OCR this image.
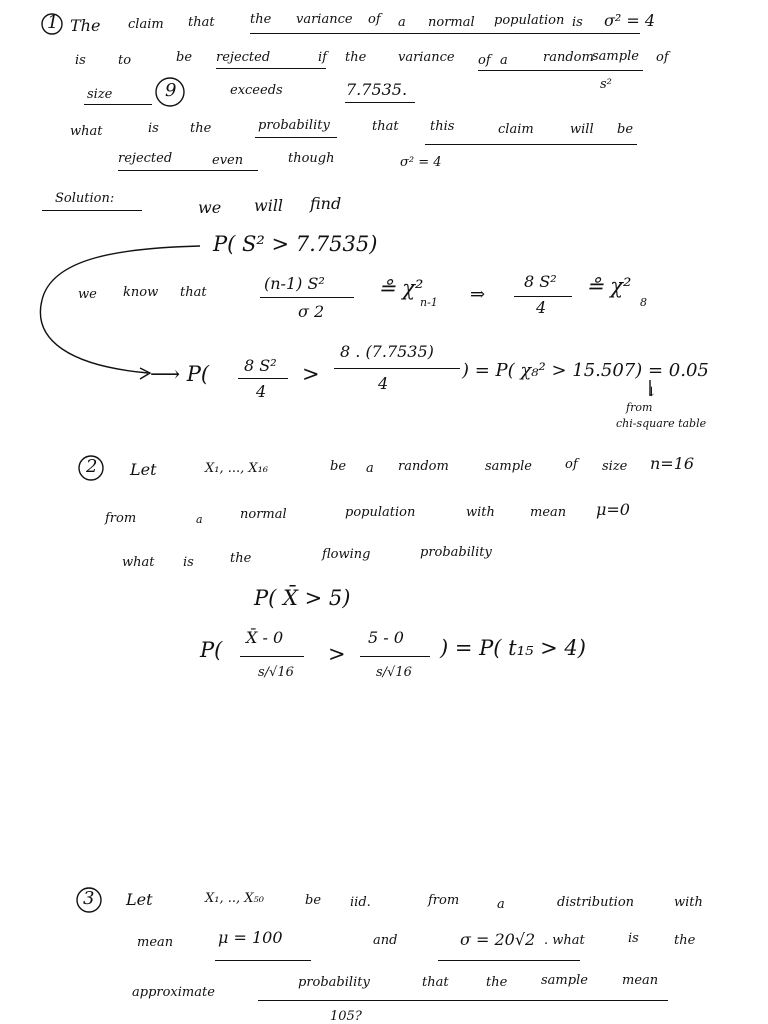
1 The claim that	the variance of a normal population is σ² = 4
is to	be rejected	if the variance of a	random
sample of
size	9	exceeds	7.7535.	s²
what	is the	probability	that this	claim	will be
rejected	even	though	σ² = 4
Solution:	we will find
P( S² > 7.7535)
we know that	(n-1) S²
σ 2
≗ χ²
n-1 ⇒
8 S²
4
≗ χ²
8
⟶ P( 8 S²
4
>
8 . (7.7535)
4
) = P( χ₈² > 15.507) = 0.05
↓
from
chi-square table
2 Let	X₁, ..., X₁₆	be a random	sample	of size n=16
from	a	normal	population	with	mean μ=0
what is	the	flowing	probability
P( X̄ > 5)
P(
X̄ - 0
s/√16
>
5 - 0
s/√16
) = P( t₁₅ > 4)
3 Let	X₁, .., X₅₀	be iid.	from	a	distribution	with
mean	μ = 100	and	σ = 20√2 . what	is	the
approximate
probability	that	the	sample	mean
105?
